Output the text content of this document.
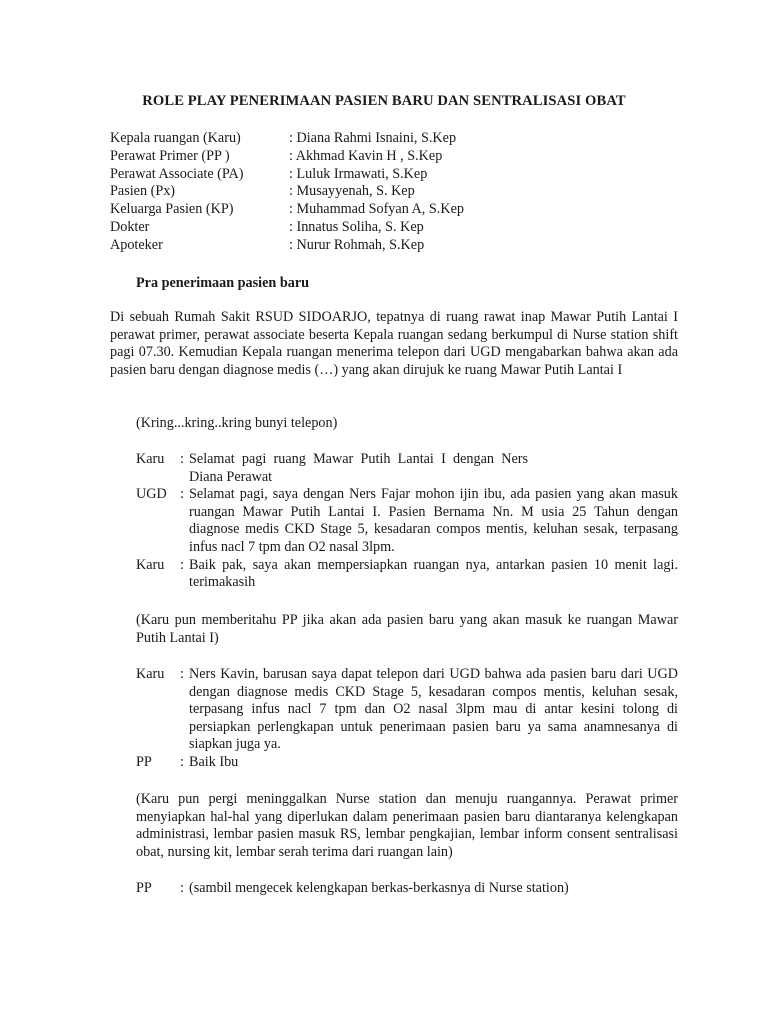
ROLE PLAY PENERIMAAN PASIEN BARU DAN SENTRALISASI OBAT
Kepala ruangan (Karu)	: Diana Rahmi Isnaini, S.Kep
Perawat Primer (PP )	: Akhmad Kavin H , S.Kep
Perawat Associate (PA)	: Luluk Irmawati, S.Kep
Pasien (Px)	: Musayyenah, S. Kep
Keluarga Pasien (KP)	: Muhammad Sofyan A, S.Kep
Dokter	: Innatus Soliha, S. Kep
Apoteker	: Nurur Rohmah, S.Kep
Pra penerimaan pasien baru
Di sebuah Rumah Sakit RSUD SIDOARJO, tepatnya di ruang rawat inap Mawar Putih Lantai I perawat primer, perawat associate beserta Kepala ruangan sedang berkumpul di Nurse station shift pagi 07.30. Kemudian Kepala ruangan menerima telepon dari UGD mengabarkan bahwa akan ada pasien baru dengan diagnose medis (…) yang akan dirujuk ke ruang Mawar Putih Lantai I
(Kring...kring..kring bunyi telepon)
Karu	: Selamat pagi ruang Mawar Putih Lantai I dengan Ners Diana Perawat
UGD : Selamat pagi, saya dengan Ners Fajar mohon ijin ibu, ada pasien yang akan masuk ruangan Mawar Putih Lantai I. Pasien Bernama Nn. M usia 25 Tahun dengan diagnose medis CKD Stage 5, kesadaran compos mentis, keluhan sesak, terpasang infus nacl 7 tpm dan O2 nasal 3lpm.
Karu	: Baik pak, saya akan mempersiapkan ruangan nya, antarkan pasien 10 menit lagi. terimakasih
(Karu pun memberitahu PP jika akan ada pasien baru yang akan masuk ke ruangan Mawar Putih Lantai I)
Karu	: Ners Kavin, barusan saya dapat telepon dari UGD bahwa ada pasien baru dari UGD dengan diagnose medis CKD Stage 5, kesadaran compos mentis, keluhan sesak, terpasang infus nacl 7 tpm dan O2 nasal 3lpm mau di antar kesini tolong di persiapkan perlengkapan untuk penerimaan pasien baru ya sama anamnesanya di siapkan juga ya.
PP	: Baik Ibu
(Karu pun pergi meninggalkan Nurse station dan menuju ruangannya. Perawat primer menyiapkan hal-hal yang diperlukan dalam penerimaan pasien baru diantaranya kelengkapan administrasi, lembar pasien masuk RS, lembar pengkajian, lembar inform consent sentralisasi obat, nursing kit, lembar serah terima dari ruangan lain)
PP	: (sambil mengecek kelengkapan berkas-berkasnya di Nurse station)
